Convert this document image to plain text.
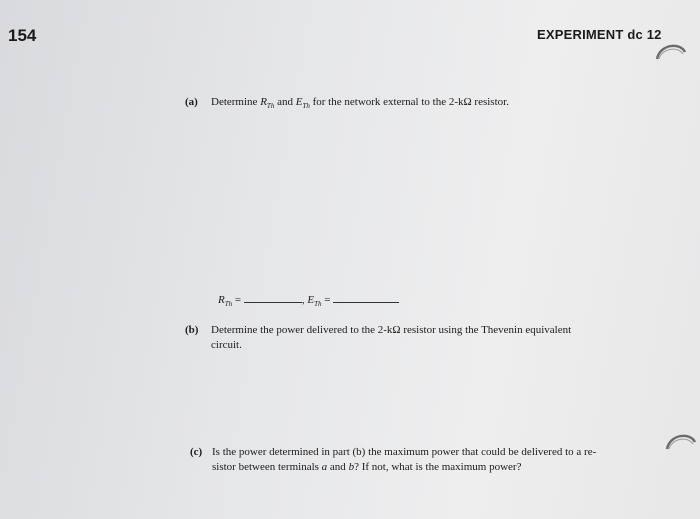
154	EXPERIMENT dc 12
(a) Determine $R_{Th}$ and $E_{Th}$ for the network external to the 2-kΩ resistor.
$R_{Th}$ =	, $E_{Th}$ =
(b) Determine the power delivered to the 2-kΩ resistor using the Thevenin equivalent
circuit.
(c) Is the power determined in part (b) the maximum power that could be delivered to a re-
sistor between terminals a and b? If not, what is the maximum power?
